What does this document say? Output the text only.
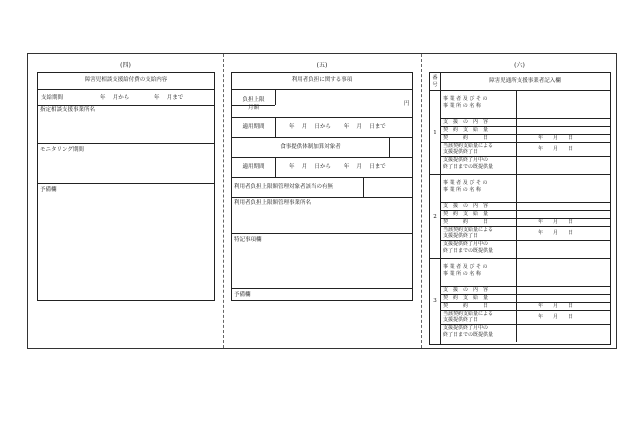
(四)
障害児相談支援給付費の支給内容
支給期間	年　 月から	年　 月まで
指定相談支援事業所名
モニタリング期間
予備欄
(五)
利用者負担に関する事項
負担上限
月額
円
適用期間	年　 月　 日から　　 年　 月　 日まで
食事提供体制加算対象者
適用期間	年　 月　 日から　　 年　 月　 日まで
利用者負担上限額管理対象者該当の有無
利用者負担上限額管理事業所名
特記事項欄
予備欄
(六)
番
号
障害児通所支援事業者記入欄
1
事 業 者 及 び そ の
事 業 所 の 名 称
支　援　の　内　容
契　約　支　給　量
契　　　約　　　日	年　　月　　日
当該契約支給量による
支援提供終了日	年　　月　　日
支援提供終了月中の
終了日までの既提供量
2
事 業 者 及 び そ の
事 業 所 の 名 称
支　援　の　内　容
契　約　支　給　量
契　　　約　　　日	年　　月　　日
当該契約支給量による
支援提供終了日	年　　月　　日
支援提供終了月中の
終了日までの既提供量
3
事 業 者 及 び そ の
事 業 所 の 名 称
支　援　の　内　容
契　約　支　給　量
契　　　約　　　日	年　　月　　日
当該契約支給量による
支援提供終了日	年　　月　　日
支援提供終了月中の
終了日までの既提供量
